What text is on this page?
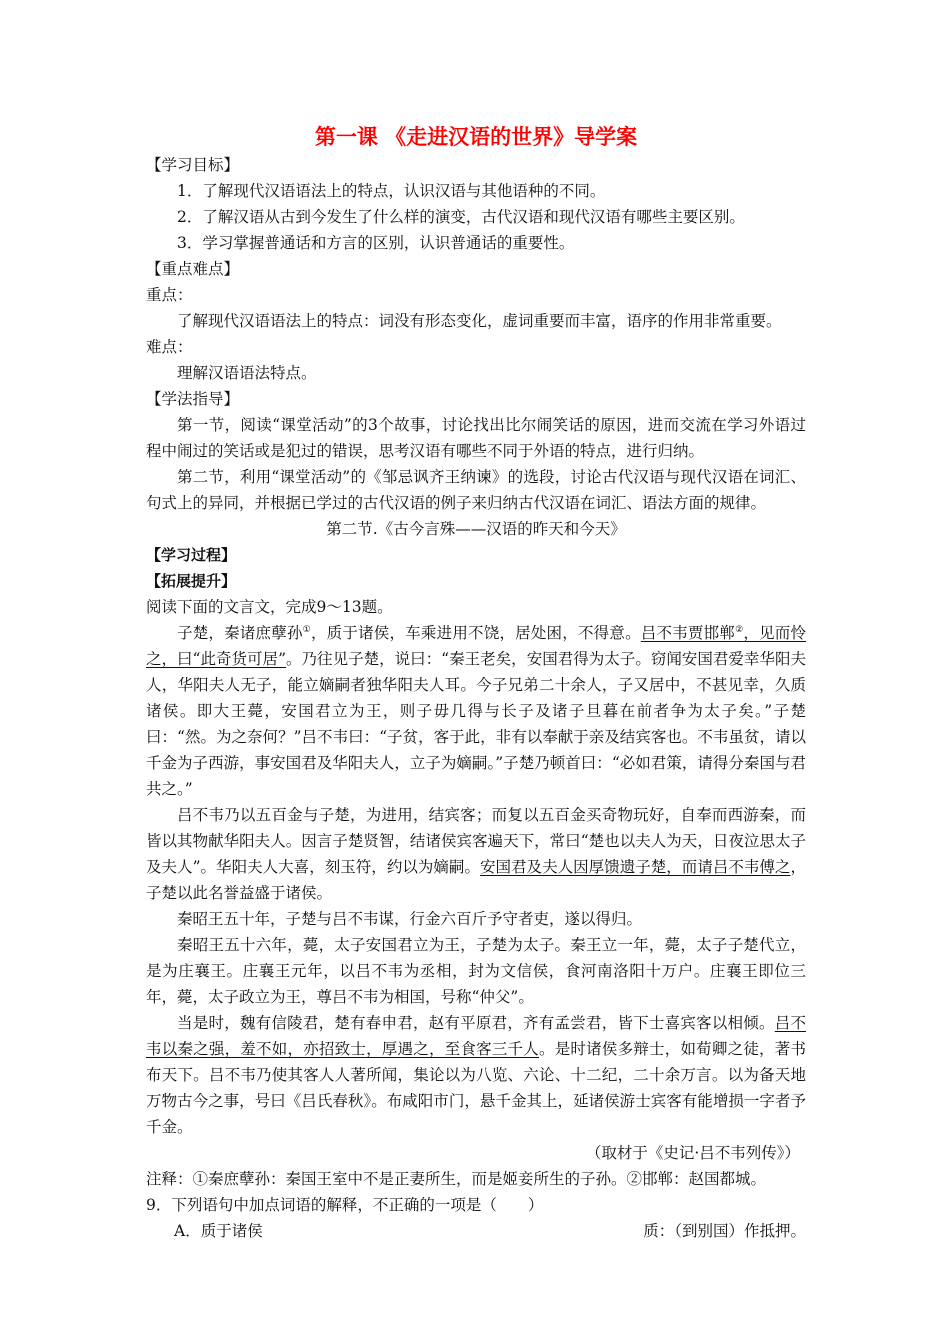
第一课 《走进汉语的世界》导学案

【学习目标】

1．了解现代汉语语法上的特点，认识汉语与其他语种的不同。

2．了解汉语从古到今发生了什么样的演变，古代汉语和现代汉语有哪些主要区别。

3．学习掌握普通话和方言的区别，认识普通话的重要性。

【重点难点】

重点：

了解现代汉语语法上的特点：词没有形态变化，虚词重要而丰富，语序的作用非常重要。

难点：

理解汉语语法特点。

【学法指导】

第一节，阅读“课堂活动”的3个故事，讨论找出比尔闹笑话的原因，进而交流在学习外语过程中闹过的笑话或是犯过的错误，思考汉语有哪些不同于外语的特点，进行归纳。

第二节，利用“课堂活动”的《邹忌讽齐王纳谏》的选段，讨论古代汉语与现代汉语在词汇、句式上的异同，并根据已学过的古代汉语的例子来归纳古代汉语在词汇、语法方面的规律。

第二节.《古今言殊——汉语的昨天和今天》

【学习过程】

【拓展提升】

阅读下面的文言文，完成9～13题。

子楚，秦诸庶孽孙①，质于诸侯，车乘进用不饶，居处困，不得意。吕不韦贾邯郸②，见而怜之，曰“此奇货可居”。乃往见子楚，说曰：“秦王老矣，安国君得为太子。窃闻安国君爱幸华阳夫人，华阳夫人无子，能立嫡嗣者独华阳夫人耳。今子兄弟二十余人，子又居中，不甚见幸，久质诸侯。即大王薨，安国君立为王，则子毋几得与长子及诸子旦暮在前者争为太子矣。”子楚曰：“然。为之奈何？”吕不韦曰：“子贫，客于此，非有以奉献于亲及结宾客也。不韦虽贫，请以千金为子西游，事安国君及华阳夫人，立子为嫡嗣。”子楚乃顿首曰：“必如君策，请得分秦国与君共之。”

吕不韦乃以五百金与子楚，为进用，结宾客；而复以五百金买奇物玩好，自奉而西游秦，而皆以其物献华阳夫人。因言子楚贤智，结诸侯宾客遍天下，常曰“楚也以夫人为天，日夜泣思太子及夫人”。华阳夫人大喜，刻玉符，约以为嫡嗣。安国君及夫人因厚馈遗子楚，而请吕不韦傅之，子楚以此名誉益盛于诸侯。

秦昭王五十年，子楚与吕不韦谋，行金六百斤予守者吏，遂以得归。

秦昭王五十六年，薨，太子安国君立为王，子楚为太子。秦王立一年，薨，太子子楚代立，是为庄襄王。庄襄王元年，以吕不韦为丞相，封为文信侯，食河南洛阳十万户。庄襄王即位三年，薨，太子政立为王，尊吕不韦为相国，号称“仲父”。

当是时，魏有信陵君，楚有春申君，赵有平原君，齐有孟尝君，皆下士喜宾客以相倾。吕不韦以秦之强，羞不如，亦招致士，厚遇之，至食客三千人。是时诸侯多辩士，如荀卿之徒，著书布天下。吕不韦乃使其客人人著所闻，集论以为八览、六论、十二纪，二十余万言。以为备天地万物古今之事，号曰《吕氏春秋》。布咸阳市门，悬千金其上，延诸侯游士宾客有能增损一字者予千金。

（取材于《史记·吕不韦列传》）

注释：①秦庶孽孙：秦国王室中不是正妻所生，而是姬妾所生的子孙。②邯郸：赵国都城。

9．下列语句中加点词语的解释，不正确的一项是（　　）

A．质于诸侯	质：（到别国）作抵押。
